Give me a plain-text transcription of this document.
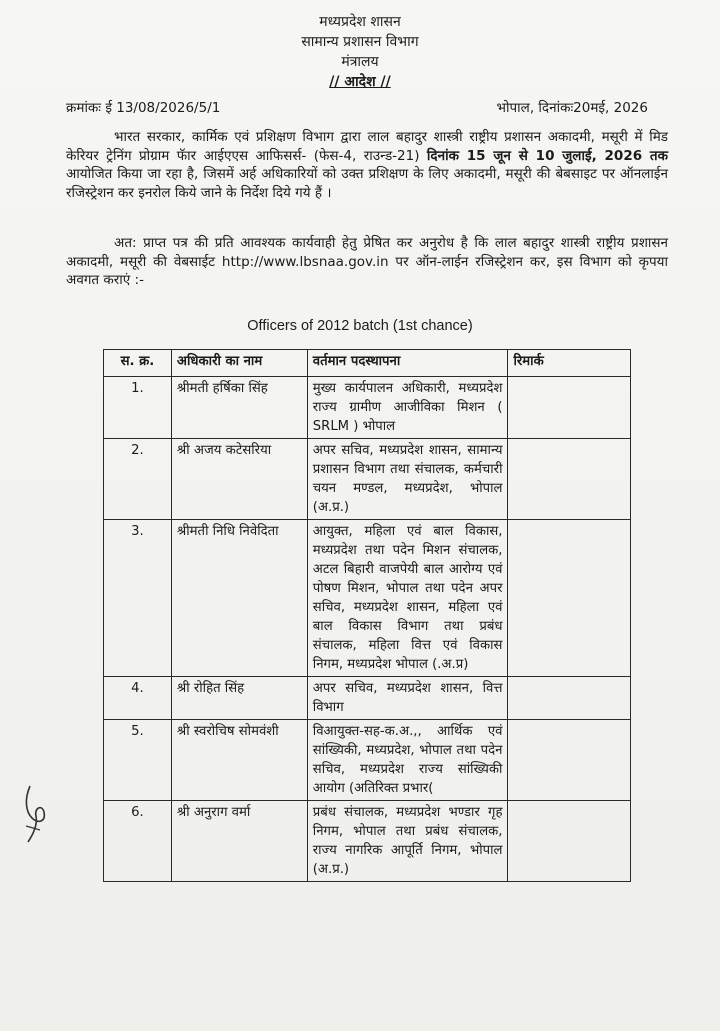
मध्यप्रदेश शासन
सामान्य प्रशासन विभाग
मंत्रालय
// आदेश //
क्रमांकः ई 13/08/2026/5/1	भोपाल, दिनांकः20मई, 2026
भारत सरकार, कार्मिक एवं प्रशिक्षण विभाग द्वारा लाल बहादुर शास्त्री राष्ट्रीय प्रशासन अकादमी, मसूरी में मिड केरियर ट्रेनिंग प्रोग्राम फॅार आईएएस आफिसर्स- (फेस-4, राउन्ड-21) दिनांक 15 जून से 10 जुलाई, 2026 तक आयोजित किया जा रहा है, जिसमें अर्ह अधिकारियों को उक्त प्रशिक्षण के लिए अकादमी, मसूरी की बेबसाइट पर ऑनलाईन रजिस्ट्रेशन कर इनरोल किये जाने के निर्देश दिये गये हैं ।
अत: प्राप्त पत्र की प्रति आवश्यक कार्यवाही हेतु प्रेषित कर अनुरोध है कि लाल बहादुर शास्त्री राष्ट्रीय प्रशासन अकादमी, मसूरी की वेबसाईट http://www.lbsnaa.gov.in पर ऑन-लाईन रजिस्ट्रेशन कर, इस विभाग को कृपया अवगत कराएं :-
Officers of 2012 batch (1st chance)
स. क्र.	अधिकारी का नाम	वर्तमान पदस्थापना	रिमार्क
1.	श्रीमती हर्षिका सिंह	मुख्य कार्यपालन अधिकारी, मध्यप्रदेश राज्य ग्रामीण आजीविका मिशन ( SRLM ) भोपाल	
2.	श्री अजय कटेसरिया	अपर सचिव, मध्यप्रदेश शासन, सामान्य प्रशासन विभाग तथा संचालक, कर्मचारी चयन मण्डल, मध्यप्रदेश, भोपाल (अ.प्र.)	
3.	श्रीमती निधि निवेदिता	आयुक्त, महिला एवं बाल विकास, मध्यप्रदेश तथा पदेन मिशन संचालक, अटल बिहारी वाजपेयी बाल आरोग्य एवं पोषण मिशन, भोपाल तथा पदेन अपर सचिव, मध्यप्रदेश शासन, महिला एवं बाल विकास विभाग तथा प्रबंध संचालक, महिला वित्त एवं विकास निगम, मध्यप्रदेश भोपाल (.अ.प्र)	
4.	श्री रोहित सिंह	अपर सचिव, मध्यप्रदेश शासन, वित्त विभाग	
5.	श्री स्वरोचिष सोमवंशी	विआयुक्त-सह-क.अ.,, आर्थिक एवं सांख्यिकी, मध्यप्रदेश, भोपाल तथा पदेन सचिव, मध्यप्रदेश राज्य सांख्यिकी आयोग (अतिरिक्त प्रभार(	
6.	श्री अनुराग वर्मा	प्रबंध संचालक, मध्यप्रदेश भण्डार गृह निगम, भोपाल तथा प्रबंध संचालक, राज्य नागरिक आपूर्ति निगम, भोपाल (अ.प्र.)	
